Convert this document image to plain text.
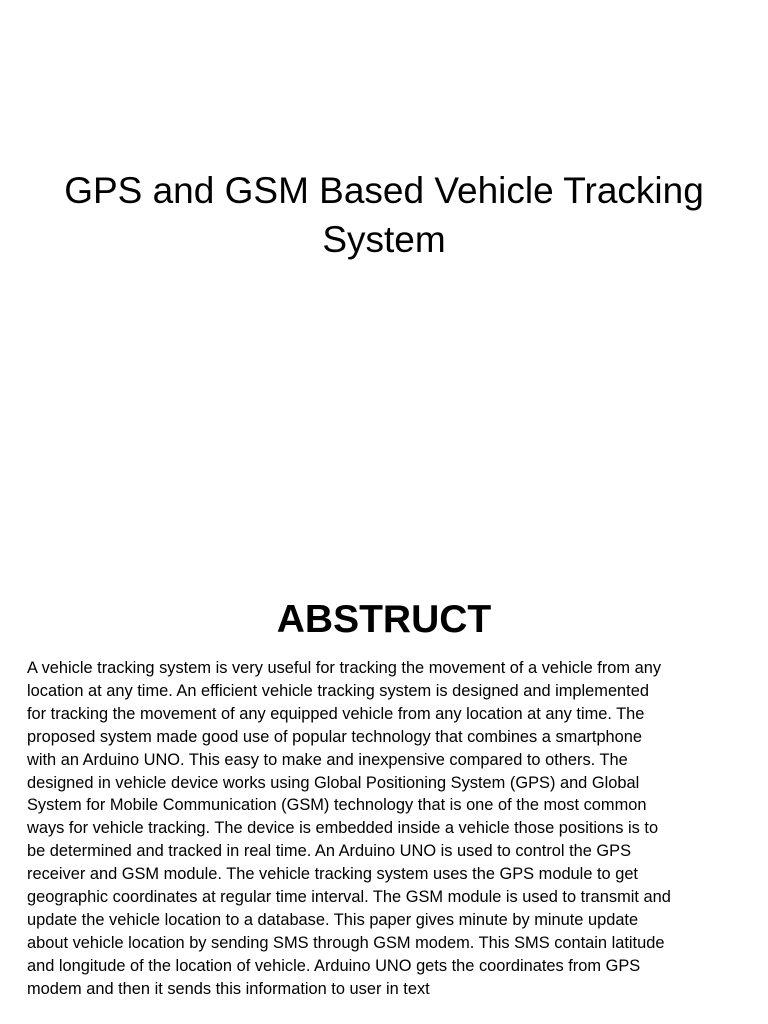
GPS and GSM Based Vehicle Tracking System
ABSTRUCT

A vehicle tracking system is very useful for tracking the movement of a vehicle from any location at any time. An efficient vehicle tracking system is designed and implemented for tracking the movement of any equipped vehicle from any location at any time. The proposed system made good use of popular technology that combines a smartphone with an Arduino UNO. This easy to make and inexpensive compared to others. The designed in vehicle device works using Global Positioning System (GPS) and Global System for Mobile Communication (GSM) technology that is one of the most common ways for vehicle tracking. The device is embedded inside a vehicle those positions is to be determined and tracked in real time. An Arduino UNO is used to control the GPS receiver and GSM module. The vehicle tracking system uses the GPS module to get geographic coordinates at regular time interval. The GSM module is used to transmit and update the vehicle location to a database. This paper gives minute by minute update about vehicle location by sending SMS through GSM modem. This SMS contain latitude and longitude of the location of vehicle. Arduino UNO gets the coordinates from GPS modem and then it sends this information to user in text
